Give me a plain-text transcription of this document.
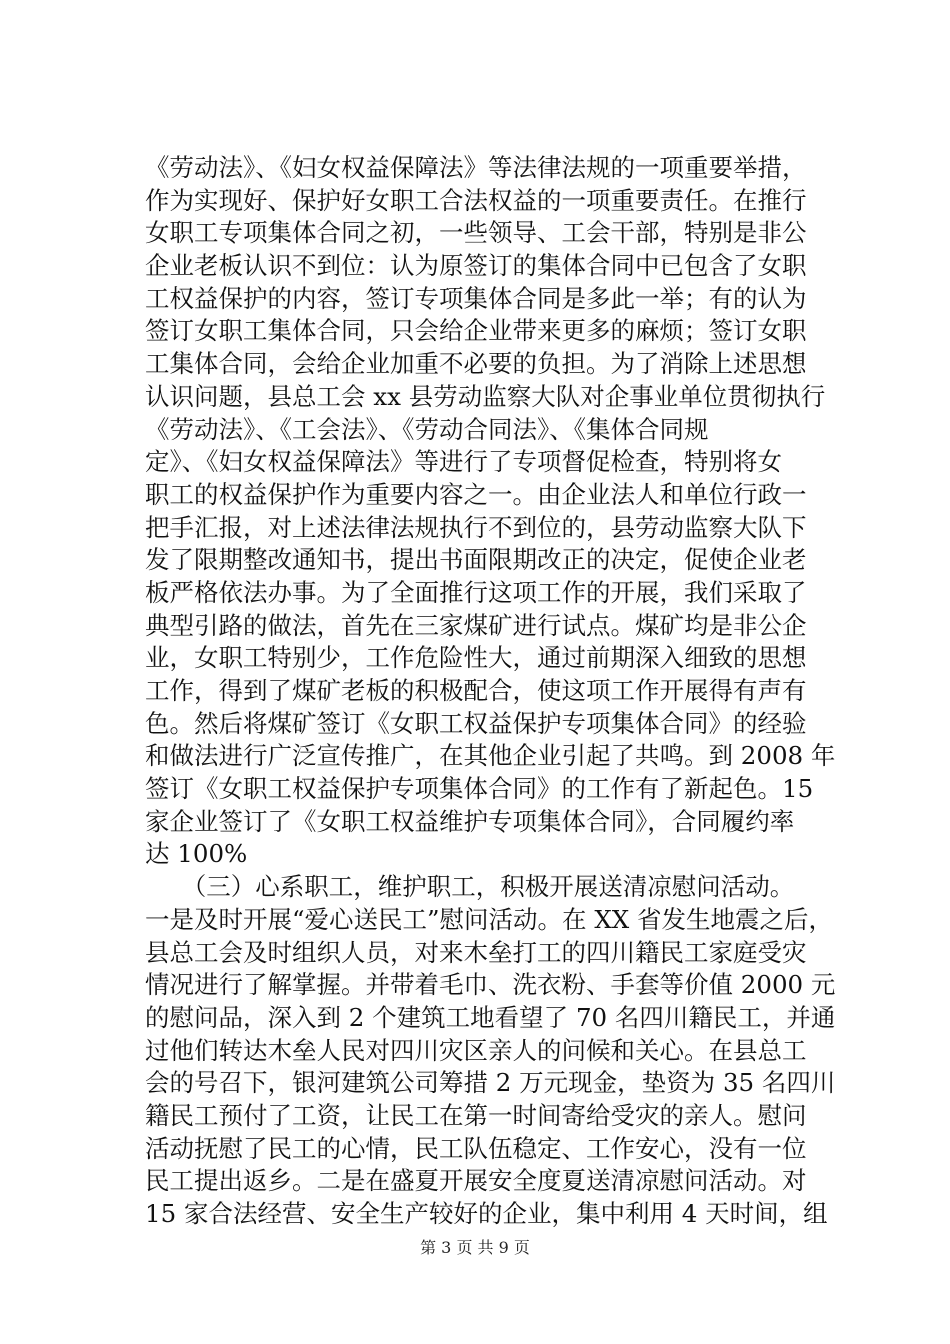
《劳动法》、《妇女权益保障法》等法律法规的一项重要举措，
作为实现好、保护好女职工合法权益的一项重要责任。在推行
女职工专项集体合同之初，一些领导、工会干部，特别是非公
企业老板认识不到位：认为原签订的集体合同中已包含了女职
工权益保护的内容，签订专项集体合同是多此一举；有的认为
签订女职工集体合同，只会给企业带来更多的麻烦；签订女职
工集体合同，会给企业加重不必要的负担。为了消除上述思想
认识问题，县总工会 xx 县劳动监察大队对企事业单位贯彻执行
《劳动法》、《工会法》、《劳动合同法》、《集体合同规
定》、《妇女权益保障法》等进行了专项督促检查，特别将女
职工的权益保护作为重要内容之一。由企业法人和单位行政一
把手汇报，对上述法律法规执行不到位的，县劳动监察大队下
发了限期整改通知书，提出书面限期改正的决定，促使企业老
板严格依法办事。为了全面推行这项工作的开展，我们采取了
典型引路的做法，首先在三家煤矿进行试点。煤矿均是非公企
业，女职工特别少，工作危险性大，通过前期深入细致的思想
工作，得到了煤矿老板的积极配合，使这项工作开展得有声有
色。然后将煤矿签订《女职工权益保护专项集体合同》的经验
和做法进行广泛宣传推广，在其他企业引起了共鸣。到 2008 年
签订《女职工权益保护专项集体合同》的工作有了新起色。15
家企业签订了《女职工权益维护专项集体合同》，合同履约率
达 100%
　　（三）心系职工，维护职工，积极开展送清凉慰问活动。
一是及时开展“爱心送民工”慰问活动。在 XX 省发生地震之后，
县总工会及时组织人员，对来木垒打工的四川籍民工家庭受灾
情况进行了解掌握。并带着毛巾、洗衣粉、手套等价值 2000 元
的慰问品，深入到 2 个建筑工地看望了 70 名四川籍民工，并通
过他们转达木垒人民对四川灾区亲人的问候和关心。在县总工
会的号召下，银河建筑公司筹措 2 万元现金，垫资为 35 名四川
籍民工预付了工资，让民工在第一时间寄给受灾的亲人。慰问
活动抚慰了民工的心情，民工队伍稳定、工作安心，没有一位
民工提出返乡。二是在盛夏开展安全度夏送清凉慰问活动。对
15 家合法经营、安全生产较好的企业，集中利用 4 天时间，组
第 3 页 共 9 页
